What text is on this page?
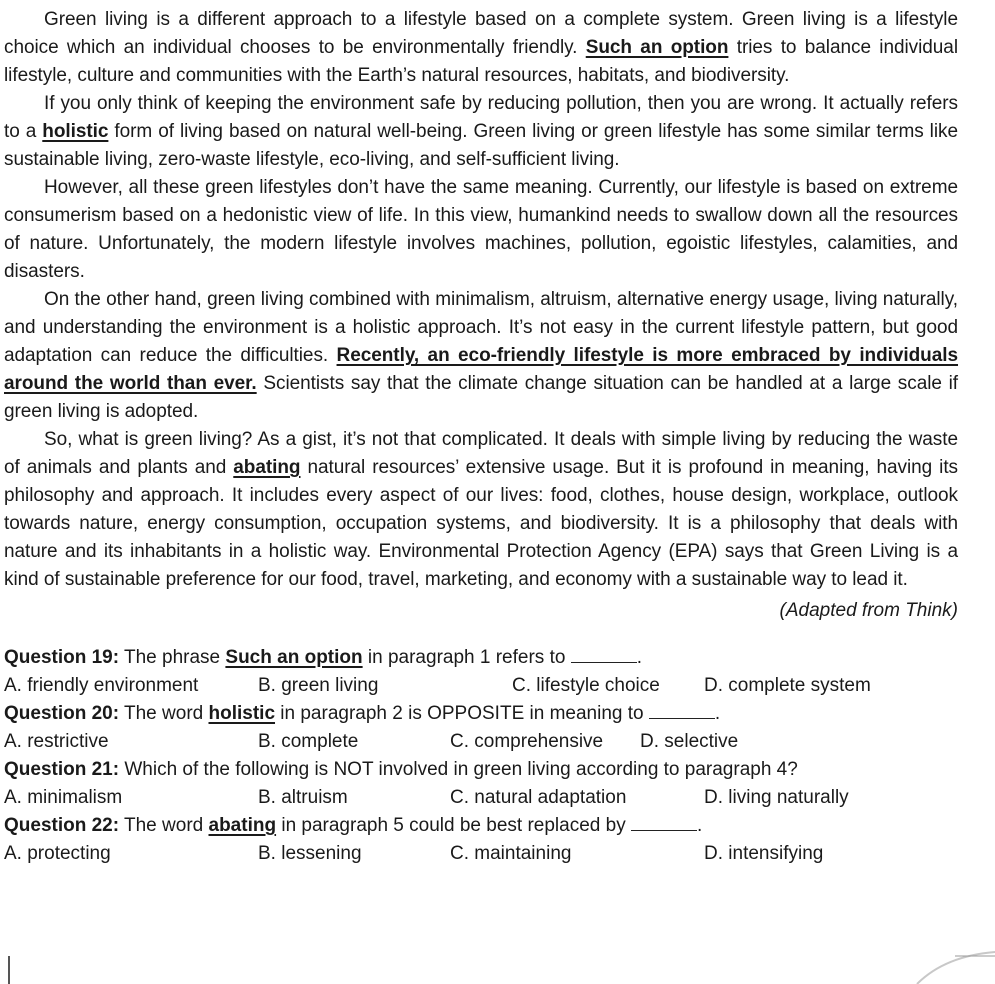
Green living is a different approach to a lifestyle based on a complete system. Green living is a lifestyle choice which an individual chooses to be environmentally friendly. Such an option tries to balance individual lifestyle, culture and communities with the Earth’s natural resources, habitats, and biodiversity.

If you only think of keeping the environment safe by reducing pollution, then you are wrong. It actually refers to a holistic form of living based on natural well-being. Green living or green lifestyle has some similar terms like sustainable living, zero-waste lifestyle, eco-living, and self-sufficient living.

However, all these green lifestyles don’t have the same meaning. Currently, our lifestyle is based on extreme consumerism based on a hedonistic view of life. In this view, humankind needs to swallow down all the resources of nature. Unfortunately, the modern lifestyle involves machines, pollution, egoistic lifestyles, calamities, and disasters.

On the other hand, green living combined with minimalism, altruism, alternative energy usage, living naturally, and understanding the environment is a holistic approach. It’s not easy in the current lifestyle pattern, but good adaptation can reduce the difficulties. Recently, an eco-friendly lifestyle is more embraced by individuals around the world than ever. Scientists say that the climate change situation can be handled at a large scale if green living is adopted.

So, what is green living? As a gist, it’s not that complicated. It deals with simple living by reducing the waste of animals and plants and abating natural resources’ extensive usage. But it is profound in meaning, having its philosophy and approach. It includes every aspect of our lives: food, clothes, house design, workplace, outlook towards nature, energy consumption, occupation systems, and biodiversity. It is a philosophy that deals with nature and its inhabitants in a holistic way. Environmental Protection Agency (EPA) says that Green Living is a kind of sustainable preference for our food, travel, marketing, and economy with a sustainable way to lead it.

(Adapted from Think)

Question 19: The phrase Such an option in paragraph 1 refers to	.
A. friendly environment	B. green living	C. lifestyle choice D. complete system
Question 20: The word holistic in paragraph 2 is OPPOSITE in meaning to	.
A. restrictive	B. complete	C. comprehensive D. selective
Question 21: Which of the following is NOT involved in green living according to paragraph 4?
A. minimalism	B. altruism	C. natural adaptation	D. living naturally
Question 22: The word abating in paragraph 5 could be best replaced by	.
A. protecting	B. lessening	C. maintaining	D. intensifying
